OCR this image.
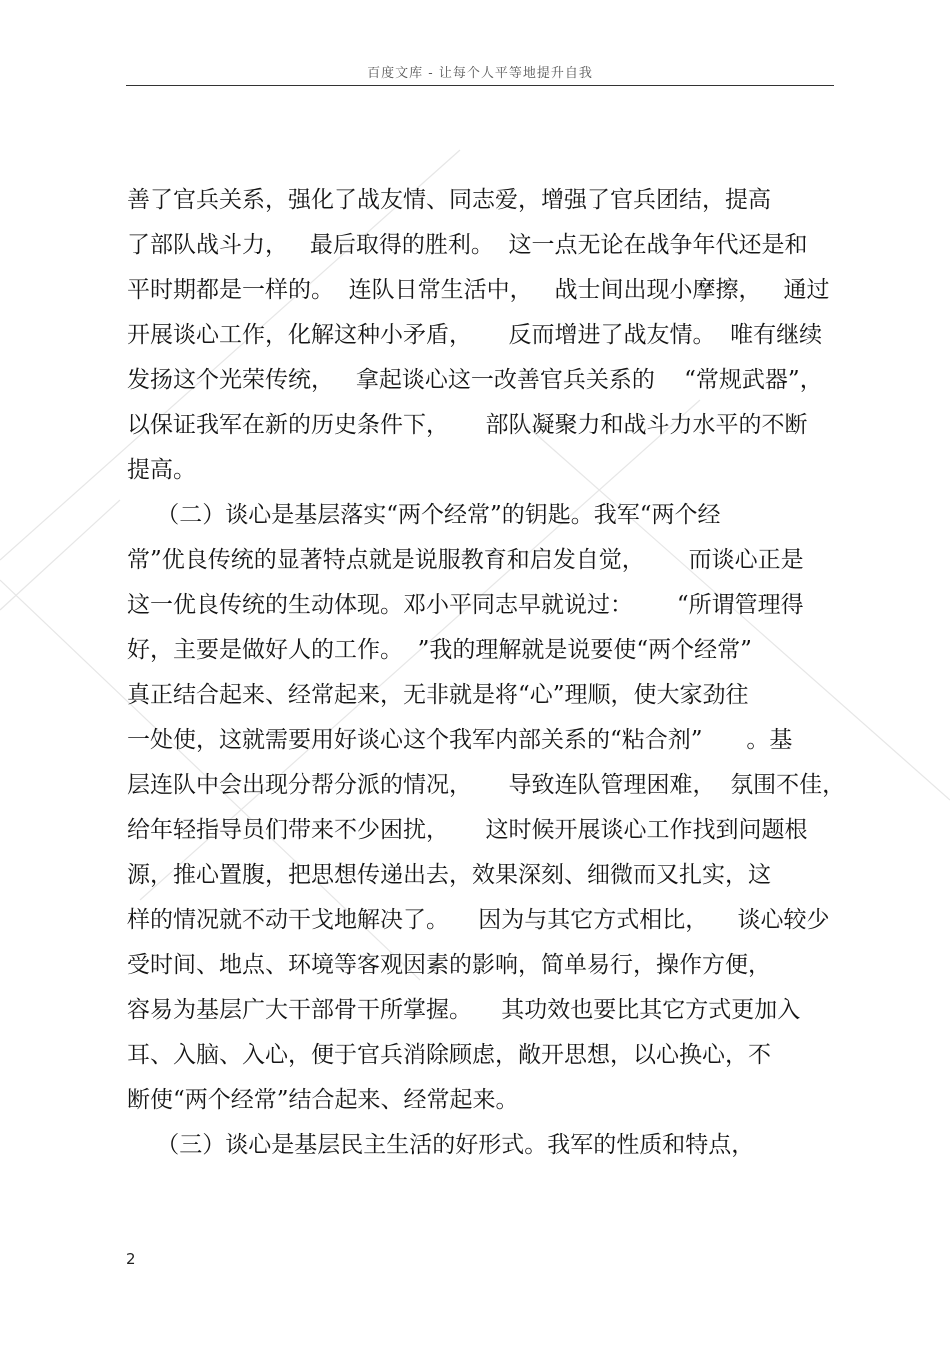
百度文库 - 让每个人平等地提升自我
善了官兵关系，强化了战友情、同志爱，增强了官兵团结，提高
了部队战斗力，   最后取得的胜利。  这一点无论在战争年代还是和
平时期都是一样的。  连队日常生活中，   战士间出现小摩擦，   通过
开展谈心工作，化解这种小矛盾，     反而增进了战友情。  唯有继续
发扬这个光荣传统，   拿起谈心这一改善官兵关系的    “常规武器”，
以保证我军在新的历史条件下，     部队凝聚力和战斗力水平的不断
提高。
（二）谈心是基层落实“两个经常”的钥匙。我军“两个经
常”优良传统的显著特点就是说服教育和启发自觉，      而谈心正是
这一优良传统的生动体现。邓小平同志早就说过：      “所谓管理得
好，主要是做好人的工作。  ”我的理解就是说要使“两个经常”
真正结合起来、经常起来，无非就是将“心”理顺，使大家劲往
一处使，这就需要用好谈心这个我军内部关系的“粘合剂”      。基
层连队中会出现分帮分派的情况，     导致连队管理困难，  氛围不佳，
给年轻指导员们带来不少困扰，     这时候开展谈心工作找到问题根
源，推心置腹，把思想传递出去，效果深刻、细微而又扎实，这
样的情况就不动干戈地解决了。    因为与其它方式相比，    谈心较少
受时间、地点、环境等客观因素的影响，简单易行，操作方便，
容易为基层广大干部骨干所掌握。    其功效也要比其它方式更加入
耳、入脑、入心，便于官兵消除顾虑，敞开思想，以心换心，不
断使“两个经常”结合起来、经常起来。
（三）谈心是基层民主生活的好形式。我军的性质和特点，
2
